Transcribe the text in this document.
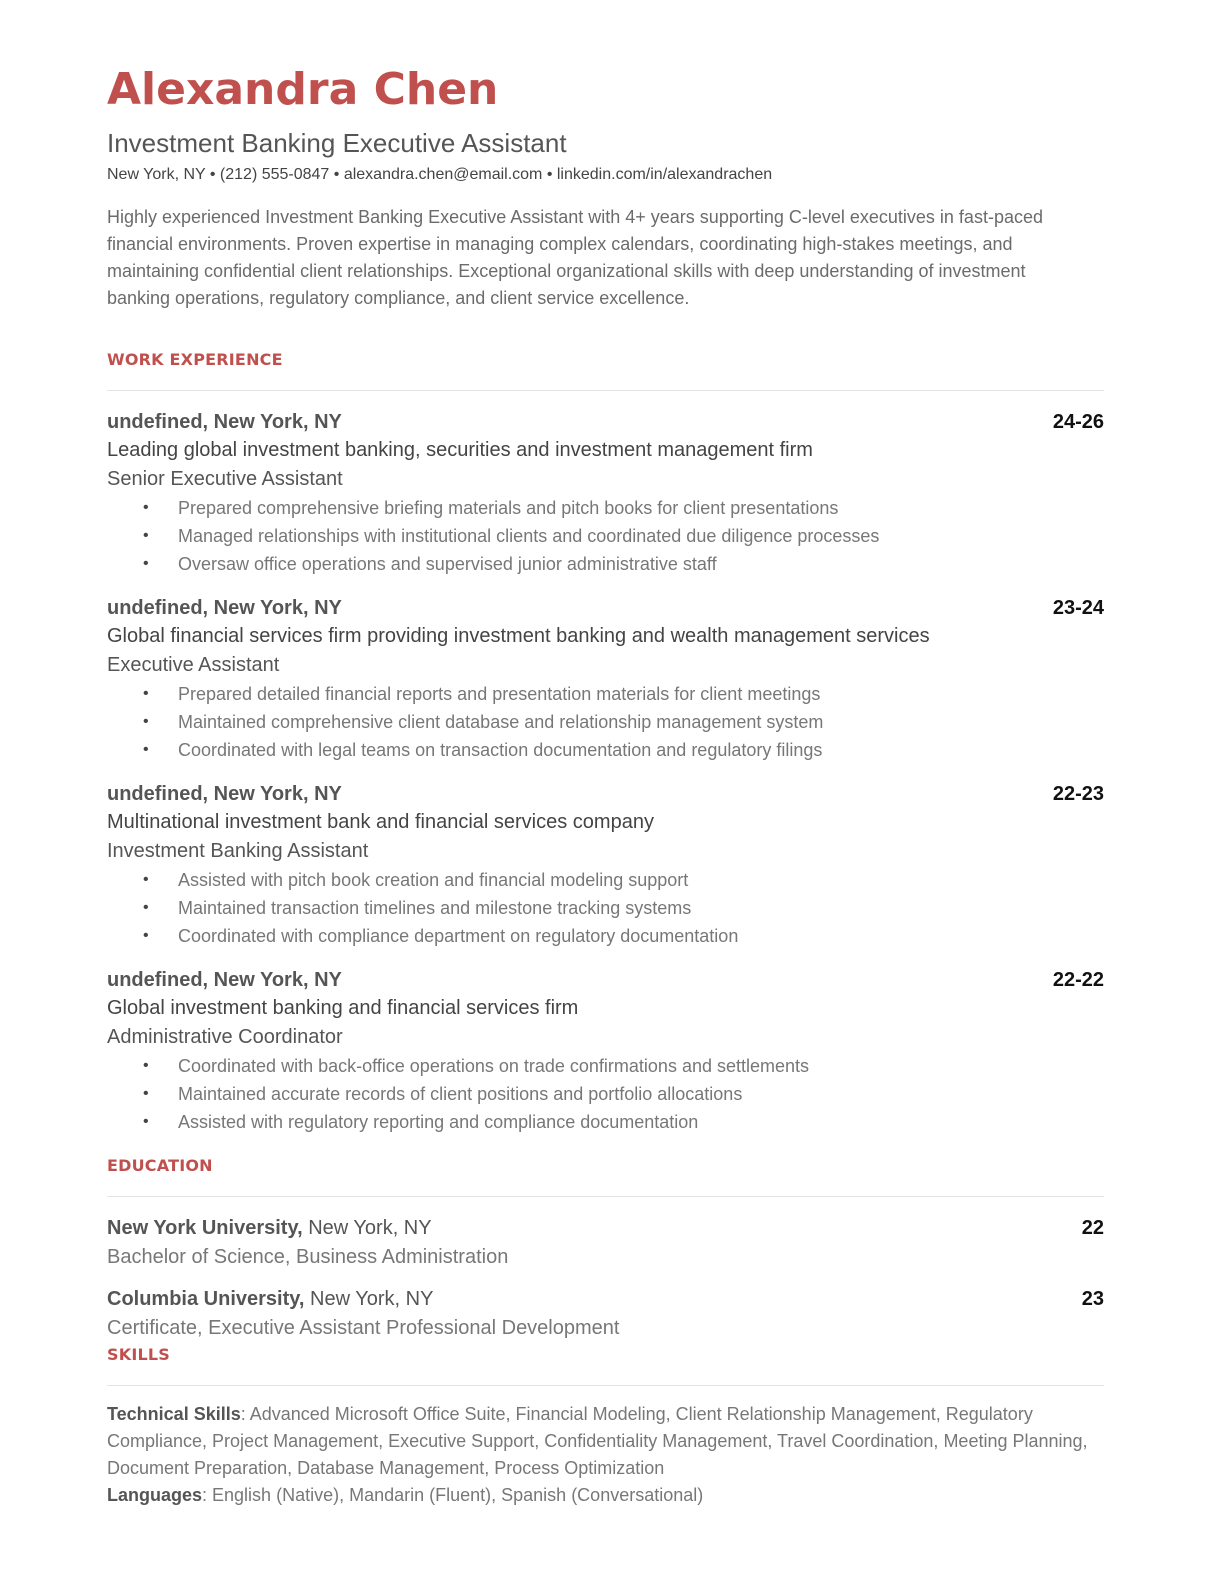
Alexandra Chen
Investment Banking Executive Assistant
New York, NY • (212) 555-0847 • alexandra.chen@email.com • linkedin.com/in/alexandrachen
Highly experienced Investment Banking Executive Assistant with 4+ years supporting C-level executives in fast-paced financial environments. Proven expertise in managing complex calendars, coordinating high-stakes meetings, and maintaining confidential client relationships. Exceptional organizational skills with deep understanding of investment banking operations, regulatory compliance, and client service excellence.
WORK EXPERIENCE
undefined, New York, NY	24-26
Leading global investment banking, securities and investment management firm
Senior Executive Assistant
• Prepared comprehensive briefing materials and pitch books for client presentations
• Managed relationships with institutional clients and coordinated due diligence processes
• Oversaw office operations and supervised junior administrative staff
undefined, New York, NY	23-24
Global financial services firm providing investment banking and wealth management services
Executive Assistant
• Prepared detailed financial reports and presentation materials for client meetings
• Maintained comprehensive client database and relationship management system
• Coordinated with legal teams on transaction documentation and regulatory filings
undefined, New York, NY	22-23
Multinational investment bank and financial services company
Investment Banking Assistant
• Assisted with pitch book creation and financial modeling support
• Maintained transaction timelines and milestone tracking systems
• Coordinated with compliance department on regulatory documentation
undefined, New York, NY	22-22
Global investment banking and financial services firm
Administrative Coordinator
• Coordinated with back-office operations on trade confirmations and settlements
• Maintained accurate records of client positions and portfolio allocations
• Assisted with regulatory reporting and compliance documentation
EDUCATION
New York University, New York, NY	22
Bachelor of Science, Business Administration
Columbia University, New York, NY	23
Certificate, Executive Assistant Professional Development
SKILLS
Technical Skills: Advanced Microsoft Office Suite, Financial Modeling, Client Relationship Management, Regulatory Compliance, Project Management, Executive Support, Confidentiality Management, Travel Coordination, Meeting Planning, Document Preparation, Database Management, Process Optimization
Languages: English (Native), Mandarin (Fluent), Spanish (Conversational)
